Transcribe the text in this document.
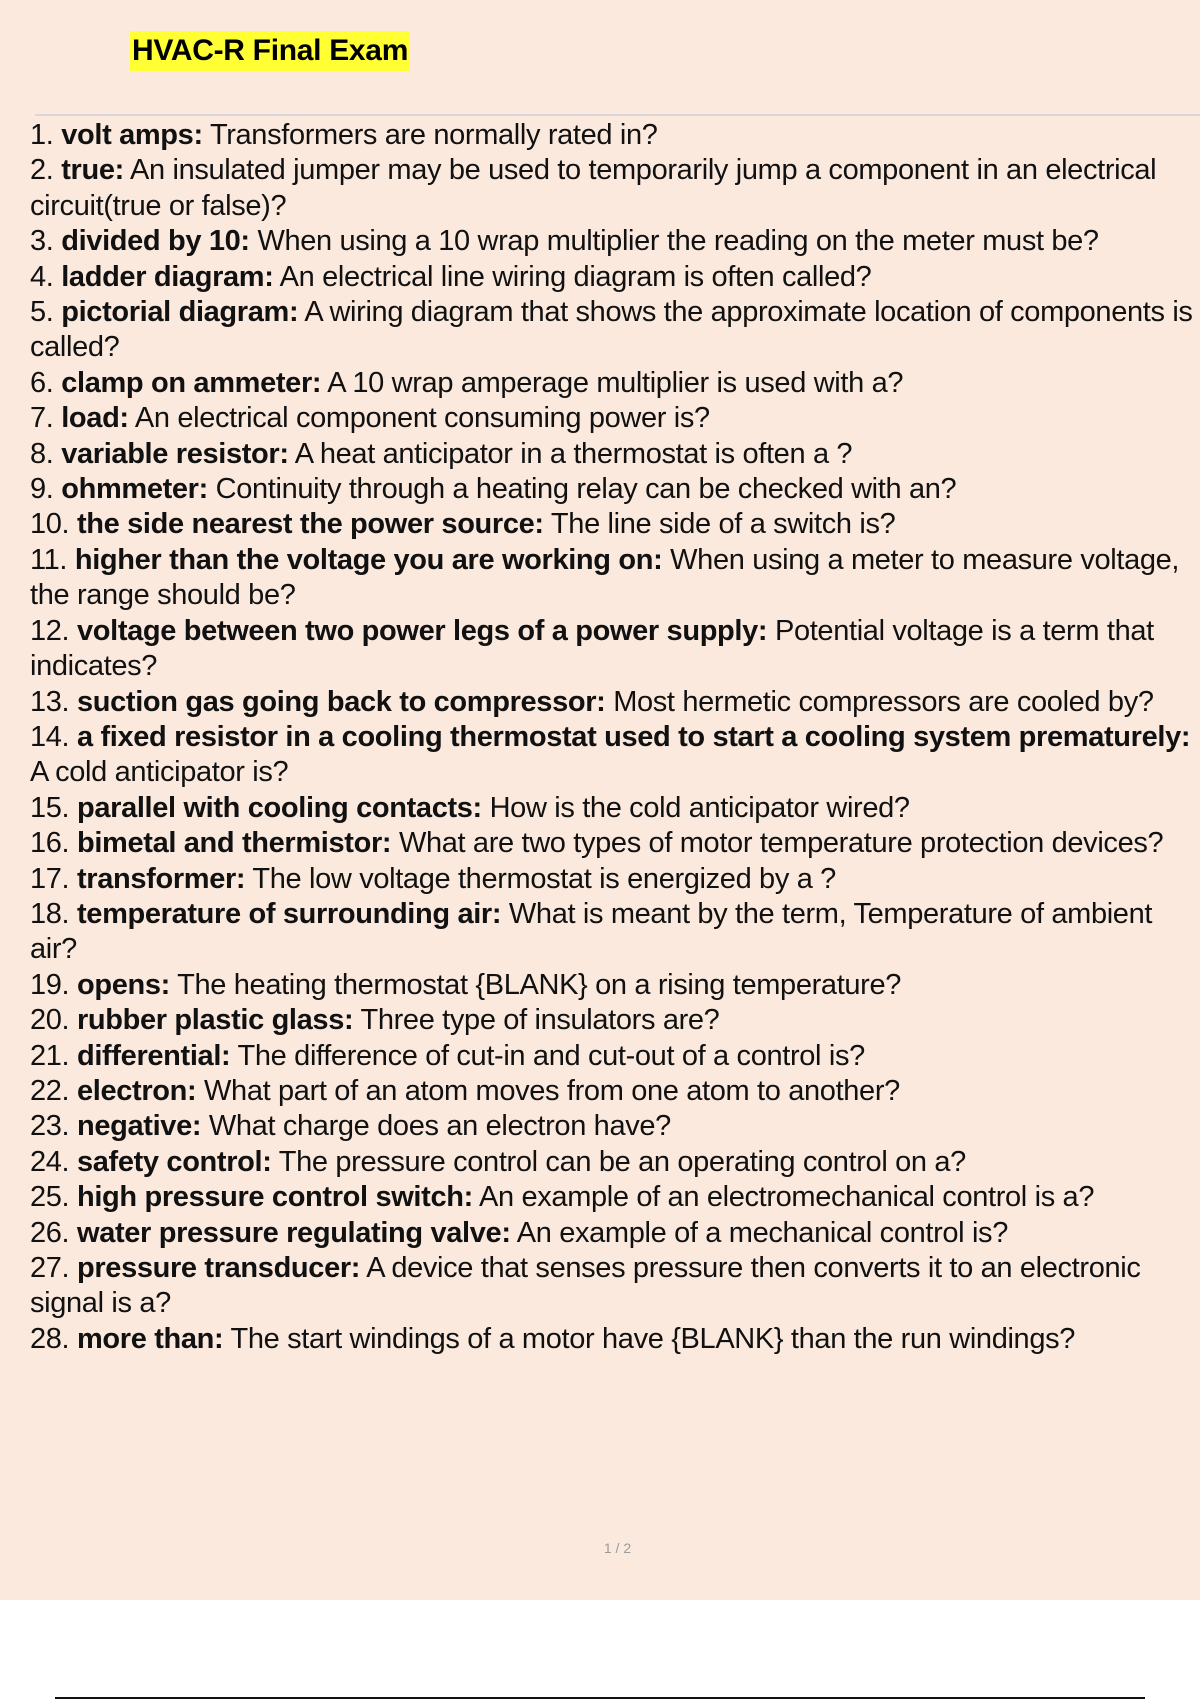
HVAC-R Final Exam
1. volt amps: Transformers are normally rated in?
2. true: An insulated jumper may be used to temporarily jump a component in an electrical circuit(true or false)?
3. divided by 10: When using a 10 wrap multiplier the reading on the meter must be?
4. ladder diagram: An electrical line wiring diagram is often called?
5. pictorial diagram: A wiring diagram that shows the approximate location of components is called?
6. clamp on ammeter: A 10 wrap amperage multiplier is used with a?
7. load: An electrical component consuming power is?
8. variable resistor: A heat anticipator in a thermostat is often a ?
9. ohmmeter: Continuity through a heating relay can be checked with an?
10. the side nearest the power source: The line side of a switch is?
11. higher than the voltage you are working on: When using a meter to measure voltage, the range should be?
12. voltage between two power legs of a power supply: Potential voltage is a term that indicates?
13. suction gas going back to compressor: Most hermetic compressors are cooled by?
14. a fixed resistor in a cooling thermostat used to start a cooling system prematurely: A cold anticipator is?
15. parallel with cooling contacts: How is the cold anticipator wired?
16. bimetal and thermistor: What are two types of motor temperature protection devices?
17. transformer: The low voltage thermostat is energized by a ?
18. temperature of surrounding air: What is meant by the term, Temperature of ambient air?
19. opens: The heating thermostat {BLANK} on a rising temperature?
20. rubber plastic glass: Three type of insulators are?
21. differential: The difference of cut-in and cut-out of a control is?
22. electron: What part of an atom moves from one atom to another?
23. negative: What charge does an electron have?
24. safety control: The pressure control can be an operating control on a?
25. high pressure control switch: An example of an electromechanical control is a?
26. water pressure regulating valve: An example of a mechanical control is?
27. pressure transducer: A device that senses pressure then converts it to an electronic signal is a?
28. more than: The start windings of a motor have {BLANK} than the run windings?
1 / 2
